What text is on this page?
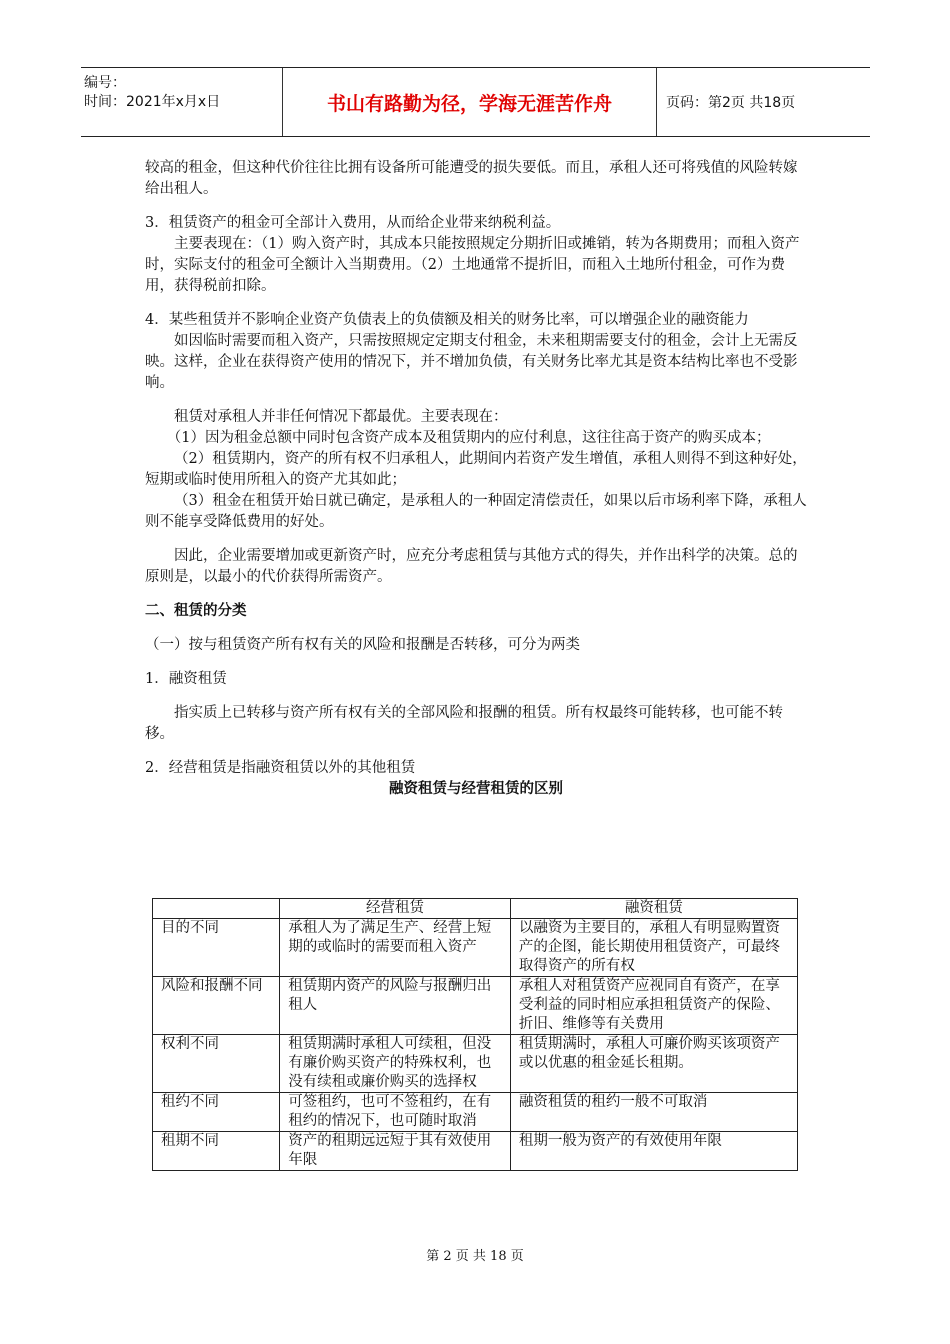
编号：
时间：2021年x月x日	书山有路勤为径，学海无涯苦作舟	页码：第2页 共18页

较高的租金，但这种代价往往比拥有设备所可能遭受的损失要低。而且，承租人还可将残值的风险转嫁给出租人。

3．租赁资产的租金可全部计入费用，从而给企业带来纳税利益。

主要表现在：（1）购入资产时，其成本只能按照规定分期折旧或摊销，转为各期费用；而租入资产时，实际支付的租金可全额计入当期费用。（2）土地通常不提折旧，而租入土地所付租金，可作为费用，获得税前扣除。

4．某些租赁并不影响企业资产负债表上的负债额及相关的财务比率，可以增强企业的融资能力

如因临时需要而租入资产，只需按照规定定期支付租金，未来租期需要支付的租金，会计上无需反映。这样，企业在获得资产使用的情况下，并不增加负债，有关财务比率尤其是资本结构比率也不受影响。

租赁对承租人并非任何情况下都最优。主要表现在：

（1）因为租金总额中同时包含资产成本及租赁期内的应付利息，这往往高于资产的购买成本；

（2）租赁期内，资产的所有权不归承租人，此期间内若资产发生增值，承租人则得不到这种好处，短期或临时使用所租入的资产尤其如此；

（3）租金在租赁开始日就已确定，是承租人的一种固定清偿责任，如果以后市场利率下降，承租人则不能享受降低费用的好处。

因此，企业需要增加或更新资产时，应充分考虑租赁与其他方式的得失，并作出科学的决策。总的原则是，以最小的代价获得所需资产。

二、租赁的分类

（一）按与租赁资产所有权有关的风险和报酬是否转移，可分为两类

1．融资租赁

指实质上已转移与资产所有权有关的全部风险和报酬的租赁。所有权最终可能转移，也可能不转移。

2．经营租赁是指融资租赁以外的其他租赁

融资租赁与经营租赁的区别

	经营租赁	融资租赁
目的不同	承租人为了满足生产、经营上短期的或临时的需要而租入资产	以融资为主要目的，承租人有明显购置资产的企图，能长期使用租赁资产，可最终取得资产的所有权
风险和报酬不同	租赁期内资产的风险与报酬归出租人	承租人对租赁资产应视同自有资产，在享受利益的同时相应承担租赁资产的保险、折旧、维修等有关费用
权利不同	租赁期满时承租人可续租，但没有廉价购买资产的特殊权利，也没有续租或廉价购买的选择权	租赁期满时，承租人可廉价购买该项资产或以优惠的租金延长租期。
租约不同	可签租约，也可不签租约，在有租约的情况下，也可随时取消	融资租赁的租约一般不可取消
租期不同	资产的租期远远短于其有效使用年限	租期一般为资产的有效使用年限
第 2 页 共 18 页
